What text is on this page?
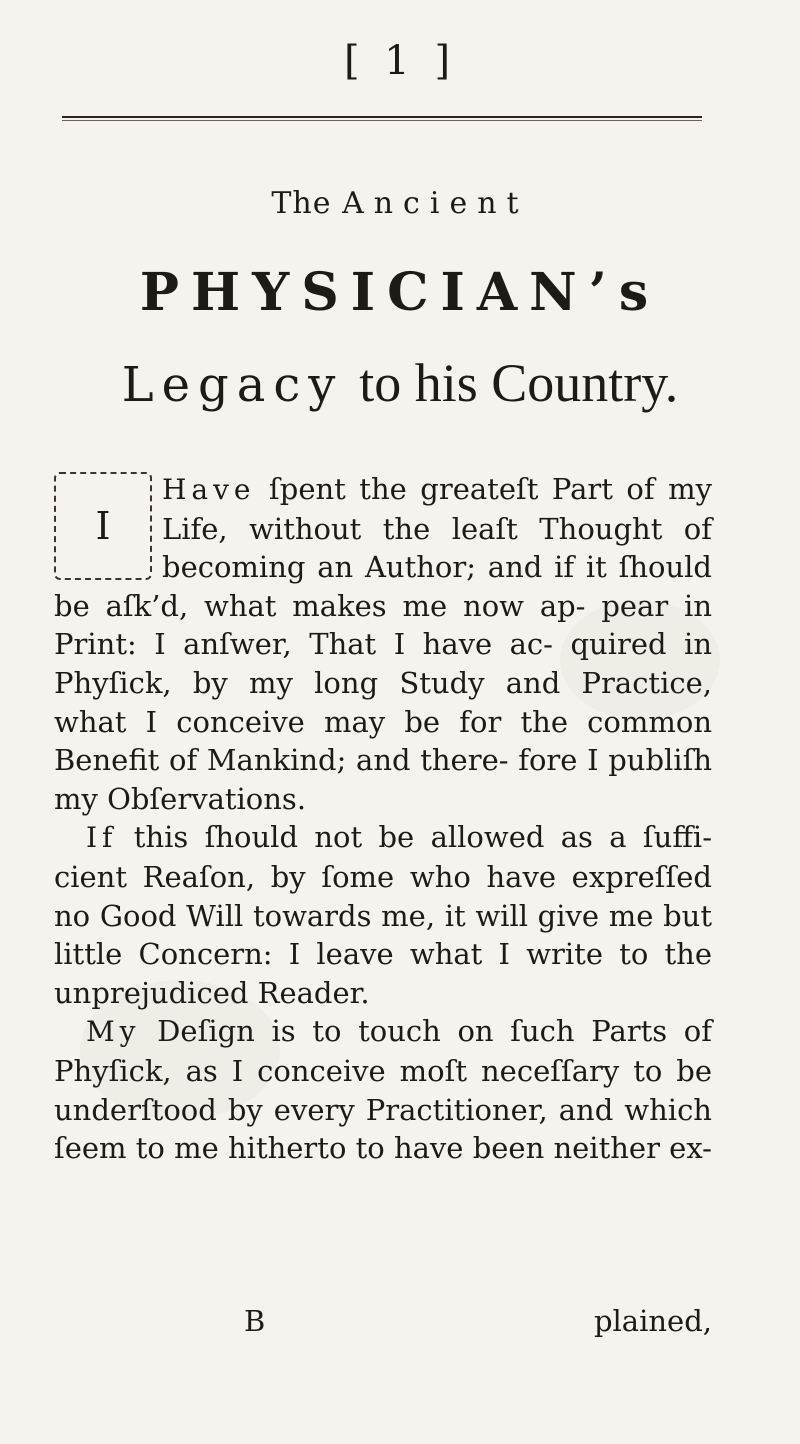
[ 1 ]
The Ancient
PHYSICIAN’s
Legacy to his Country.
I

Have ſpent the greateſt Part of my Life, without the leaſt Thought of becoming an Author; and if it ſhould be aſk’d, what makes me now ap- pear in Print: I anſwer, That I have ac- quired in Phyſick, by my long Study and Practice, what I conceive may be for the common Benefit of Mankind; and there- fore I publiſh my Obſervations.

If this ſhould not be allowed as a ſuffi- cient Reaſon, by ſome who have expreſſed no Good Will towards me, it will give me but little Concern: I leave what I write to the unprejudiced Reader.

My Deſign is to touch on ſuch Parts of Phyſick, as I conceive moſt neceſſary to be underſtood by every Practitioner, and which ſeem to me hitherto to have been neither ex-

B	plained,
